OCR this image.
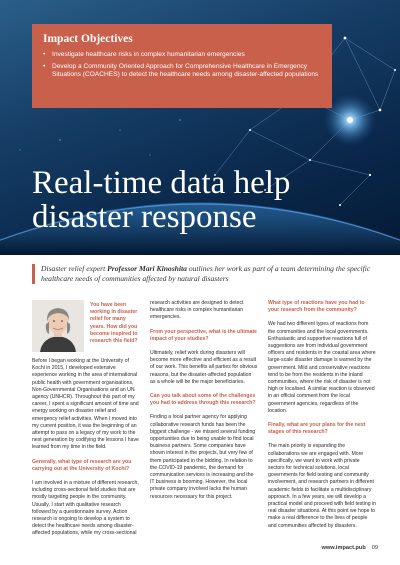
Impact Objectives
• Investigate healthcare risks in complex humanitarian emergencies
• Develop a Community Oriented Approach for Comprehensive Healthcare in Emergency Situations (COACHES) to detect the healthcare needs among disaster-affected populations
Real-time data help
disaster response
Disaster relief expert Professor Mari Kinoshita outlines her work as part of a team determining the specific healthcare needs of communities affected by natural disasters
You have been working in disaster relief for many years. How did you become inspired to research this field?

Before I began working at the University of Kochi in 2015, I developed extensive experience working in the area of international public health with government organisations, Non-Governmental Organisations and an UN agency (UNHCR). Throughout this part of my career, I spent a significant amount of time and energy working on disaster relief and emergency relief activities. When I moved into my current position, it was the beginning of an attempt to pass on a legacy of my work to the next generation by codifying the lessons I have learned from my time in the field.

Generally, what type of research are you carrying out at the University of Kochi?

I am involved in a mixture of different research, including cross-sectional field studies that are mostly targeting people in the community. Usually, I start with qualitative research followed by a questionnaire survey. Action research is ongoing to develop a system to detect the healthcare needs among disaster-affected populations, while my cross-sectional

research activities are designed to detect healthcare risks in complex humanitarian emergencies.

From your perspective, what is the ultimate impact of your studies?

Ultimately, relief work during disasters will become more effective and efficient as a result of our work. This benefits all parties for obvious reasons, but the disaster-affected population as a whole will be the major beneficiaries.

Can you talk about some of the challenges you had to address through this research?

Finding a local partner agency for applying collaborative research funds has been the biggest challenge - we missed several funding opportunities due to being unable to find local business partners. Some companies have shown interest in the projects, but very few of them participated in the bidding. In relation to the COVID-19 pandemic, the demand for communication services is increasing and the IT business is booming. However, the local private company involved lacks the human resources necessary for this project.

What type of reactions have you had to your research from the community?

We had two different types of reactions from the communities and the local governments. Enthusiastic and supportive reactions full of suggestions are from individual government officers and residents in the coastal area where large-scale disaster damage is warned by the government. Mild and conservative reactions tend to be from the residents in the inland communities, where the risk of disaster is not high or localised. A similar reaction is observed in an official comment from the local government agencies, regardless of the location.

Finally, what are your plans for the next stages of this research?

The main priority is expanding the collaborations we are engaged with. More specifically, we want to work with private sectors for technical solutions, local governments for field testing and community involvement, and research partners in different academic fields to facilitate a multidisciplinary approach. In a few years, we will develop a practical model and proceed with field testing in real disaster situations. At this point we hope to make a real difference to the lives of people and communities affected by disasters.

www.impact.pub 09
